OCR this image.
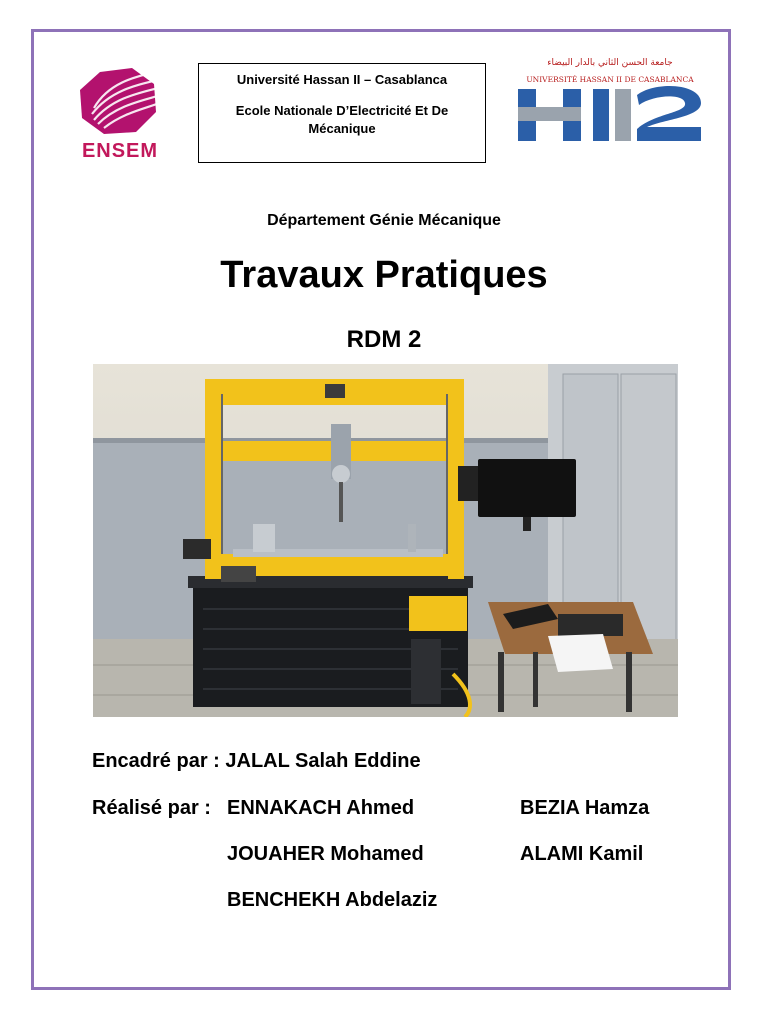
ENSEM
Université Hassan II – Casablanca
Ecole Nationale D’Electricité Et De Mécanique
جامعة الحسن الثاني بالدار البيضاء
UNIVERSITÉ HASSAN II DE CASABLANCA
Département Génie Mécanique
Travaux Pratiques
RDM 2
Encadré par : JALAL Salah Eddine
Réalisé par : ENNAKACH Ahmed
JOUAHER Mohamed
BENCHEKH Abdelaziz
BEZIA Hamza
ALAMI Kamil
